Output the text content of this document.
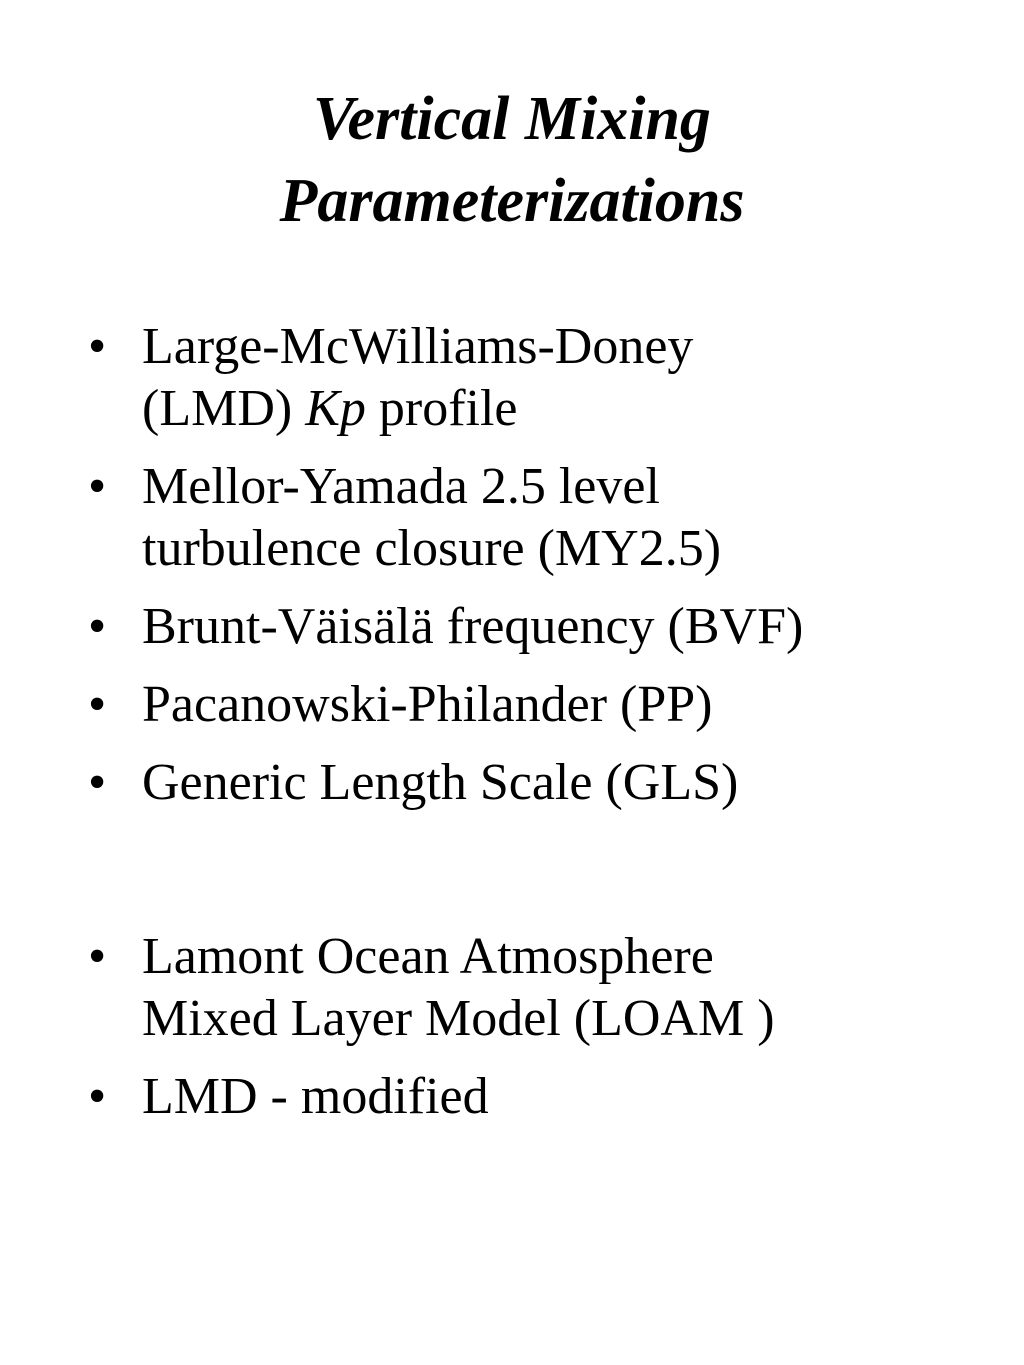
Vertical Mixing
Parameterizations
• Large-McWilliams-Doney
(LMD) Kp profile
• Mellor-Yamada 2.5 level
turbulence closure (MY2.5)
• Brunt-Väisälä frequency (BVF)
• Pacanowski-Philander (PP)
• Generic Length Scale (GLS)
• Lamont Ocean Atmosphere
Mixed Layer Model (LOAM )
• LMD - modified
